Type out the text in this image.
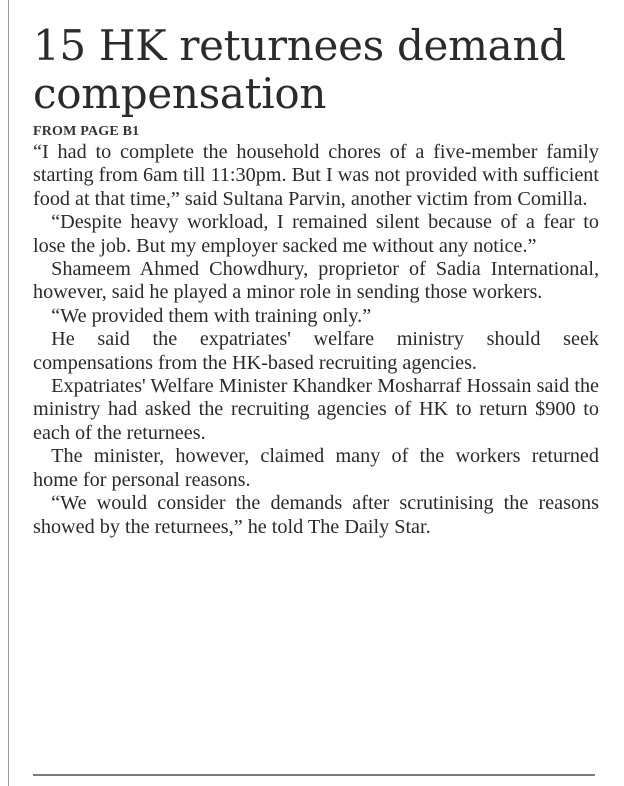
15 HK returnees demand compensation
FROM PAGE B1

“I had to complete the household chores of a five-member family starting from 6am till 11:30pm. But I was not provided with sufficient food at that time,” said Sultana Parvin, another victim from Comilla.

“Despite heavy workload, I remained silent because of a fear to lose the job. But my employer sacked me without any notice.”

Shameem Ahmed Chowdhury, proprietor of Sadia International, however, said he played a minor role in sending those workers.

“We provided them with training only.”

He said the expatriates' welfare ministry should seek compensations from the HK-based recruiting agencies.

Expatriates' Welfare Minister Khandker Mosharraf Hossain said the ministry had asked the recruiting agencies of HK to return $900 to each of the returnees.

The minister, however, claimed many of the workers returned home for personal reasons.

“We would consider the demands after scrutinising the reasons showed by the returnees,” he told The Daily Star.
